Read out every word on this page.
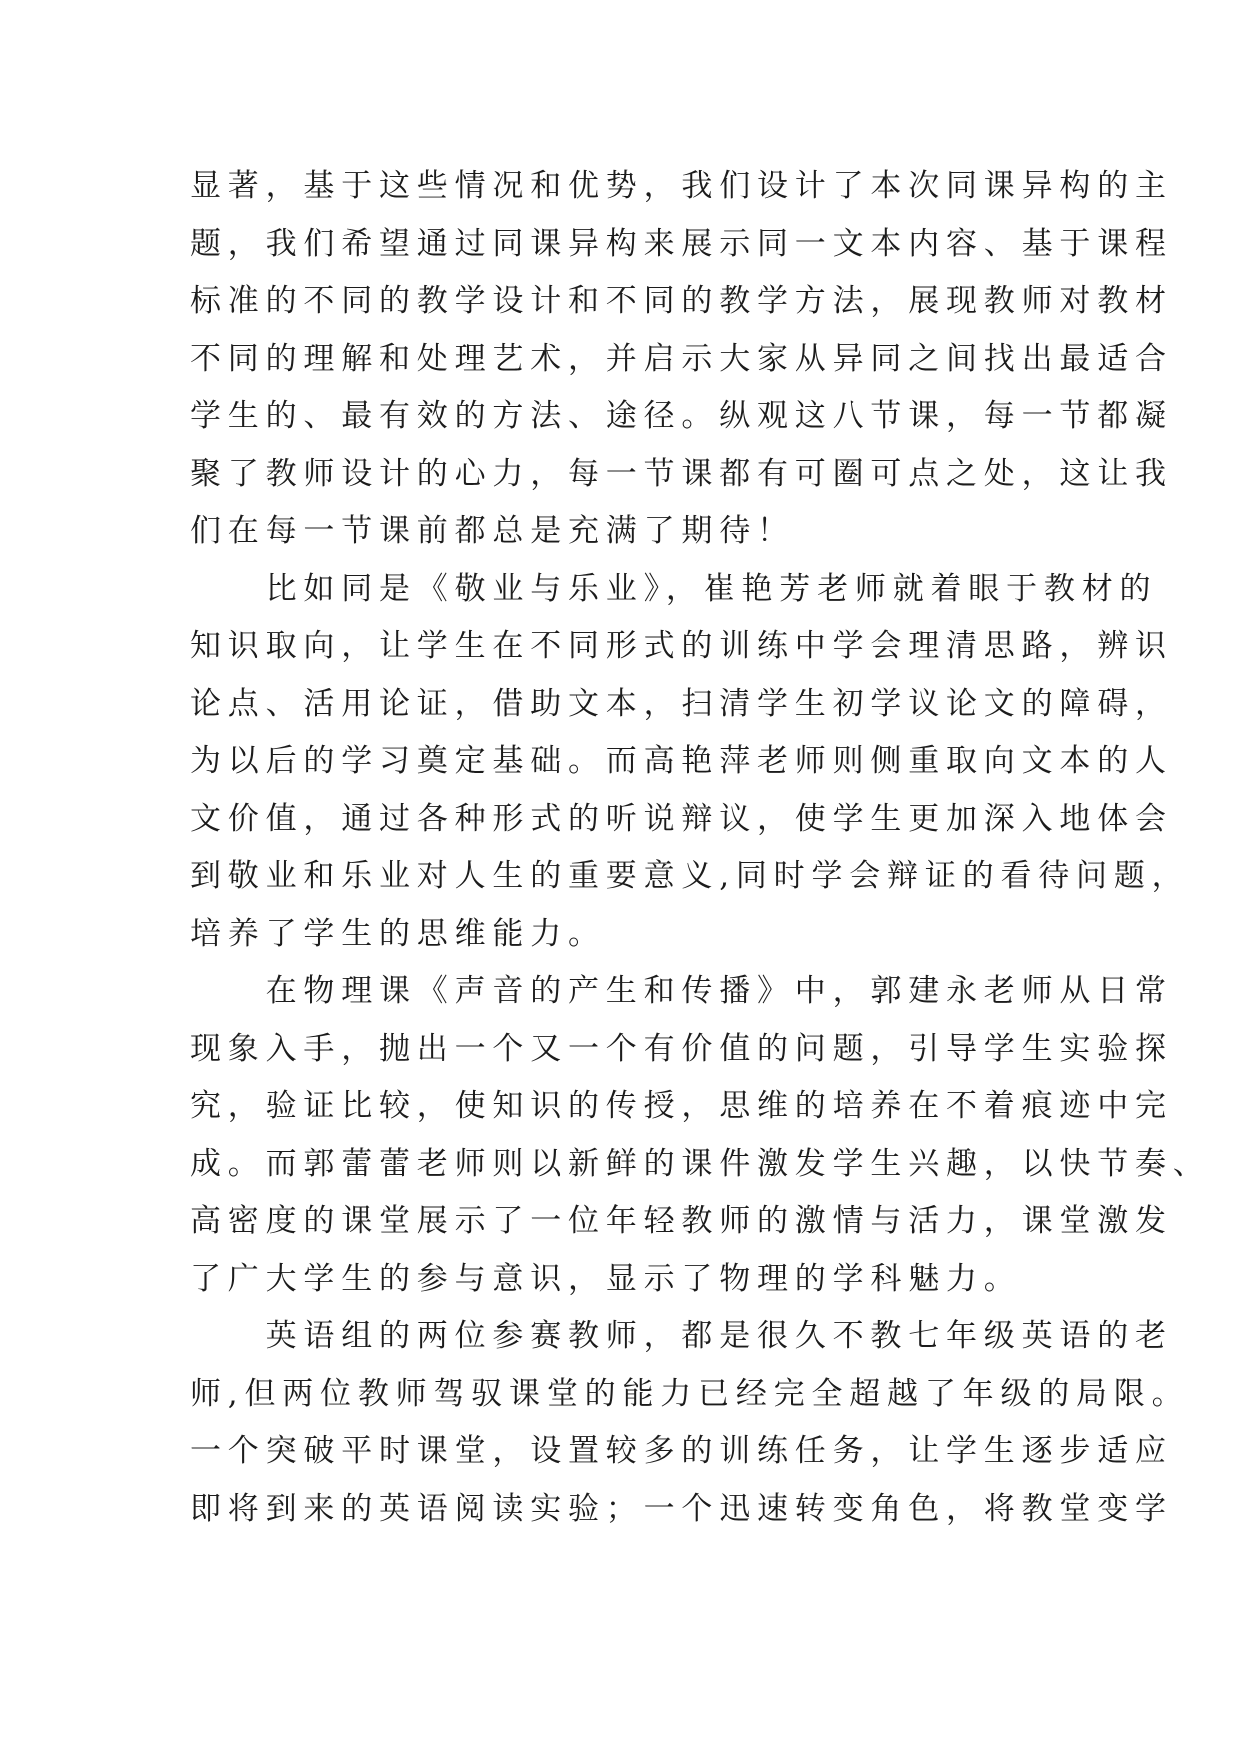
显著，基于这些情况和优势，我们设计了本次同课异构的主
题，我们希望通过同课异构来展示同一文本内容、基于课程
标准的不同的教学设计和不同的教学方法，展现教师对教材
不同的理解和处理艺术，并启示大家从异同之间找出最适合
学生的、最有效的方法、途径。纵观这八节课，每一节都凝
聚了教师设计的心力，每一节课都有可圈可点之处，这让我
们在每一节课前都总是充满了期待！
　　比如同是《敬业与乐业》，崔艳芳老师就着眼于教材的
知识取向，让学生在不同形式的训练中学会理清思路，辨识
论点、活用论证，借助文本，扫清学生初学议论文的障碍，
为以后的学习奠定基础。而高艳萍老师则侧重取向文本的人
文价值，通过各种形式的听说辩议，使学生更加深入地体会
到敬业和乐业对人生的重要意义,同时学会辩证的看待问题，
培养了学生的思维能力。
　　在物理课《声音的产生和传播》中，郭建永老师从日常
现象入手，抛出一个又一个有价值的问题，引导学生实验探
究，验证比较，使知识的传授，思维的培养在不着痕迹中完
成。而郭蕾蕾老师则以新鲜的课件激发学生兴趣，以快节奏、
高密度的课堂展示了一位年轻教师的激情与活力，课堂激发
了广大学生的参与意识，显示了物理的学科魅力。
　　英语组的两位参赛教师，都是很久不教七年级英语的老
师,但两位教师驾驭课堂的能力已经完全超越了年级的局限。
一个突破平时课堂，设置较多的训练任务，让学生逐步适应
即将到来的英语阅读实验；一个迅速转变角色，将教堂变学
